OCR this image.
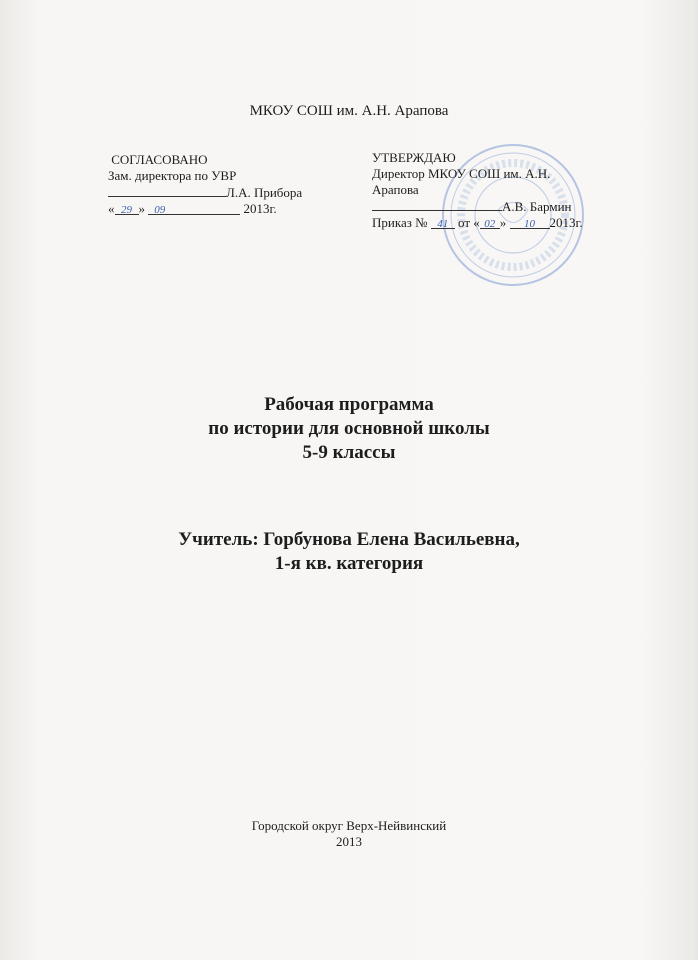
МКОУ СОШ им. А.Н. Арапова
СОГЛАСОВАНО
Зам. директора по УВР
Л.А. Прибора
« 29 » 09	2013г.
УТВЕРЖДАЮ
Директор МКОУ СОШ им. А.Н.
Арапова
А.В. Бармин
Приказ № 41 от « 02 » 10 2013г.
Рабочая программа
по истории для основной школы
5-9 классы
Учитель: Горбунова Елена Васильевна,
1-я кв. категория
Городской округ Верх-Нейвинский
2013
